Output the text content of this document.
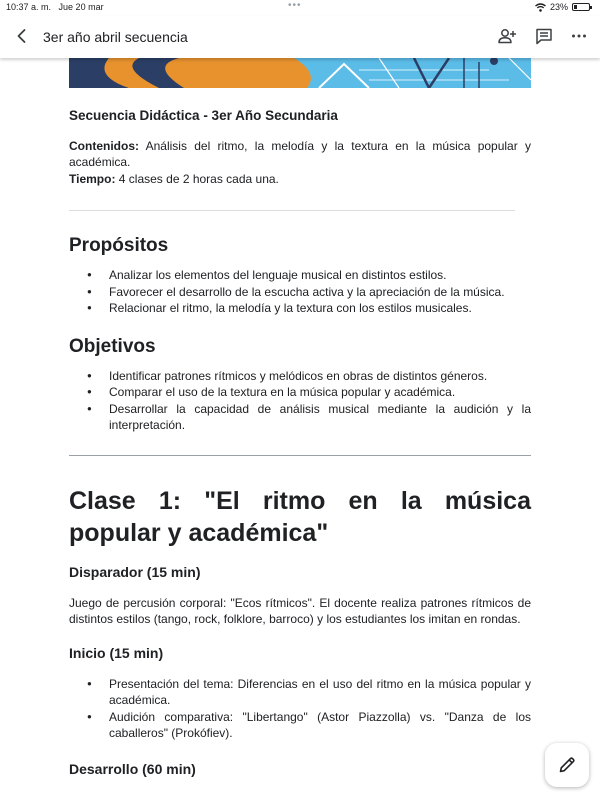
10:37 a. m. Jue 20 mar	•••	23%
3er año abril secuencia

Secuencia Didáctica - 3er Año Secundaria

Contenidos: Análisis del ritmo, la melodía y la textura en la música popular y académica.

Tiempo: 4 clases de 2 horas cada una.

Propósitos
● Analizar los elementos del lenguaje musical en distintos estilos.
● Favorecer el desarrollo de la escucha activa y la apreciación de la música.
● Relacionar el ritmo, la melodía y la textura con los estilos musicales.
Objetivos
● Identificar patrones rítmicos y melódicos en obras de distintos géneros.
● Comparar el uso de la textura en la música popular y académica.
● Desarrollar la capacidad de análisis musical mediante la audición y la interpretación.
Clase 1: "El ritmo en la música popular y académica"
Disparador (15 min)

Juego de percusión corporal: "Ecos rítmicos". El docente realiza patrones rítmicos de distintos estilos (tango, rock, folklore, barroco) y los estudiantes los imitan en rondas.

Inicio (15 min)
● Presentación del tema: Diferencias en el uso del ritmo en la música popular y académica.
● Audición comparativa: "Libertango" (Astor Piazzolla) vs. "Danza de los caballeros" (Prokófiev).
Desarrollo (60 min)
